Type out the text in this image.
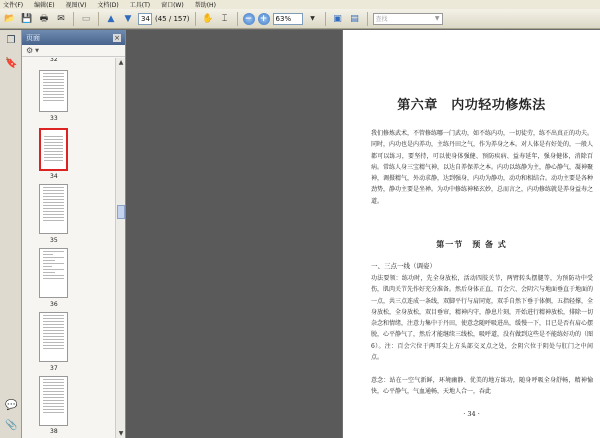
文件(F) 编辑(E) 视图(V) 文档(D) 工具(T) 窗口(W) 帮助(H)
📂 💾 🖶 ✉	▭	▲	▼	34 (45 / 157) ✋ ⌶	− +	63%	▼	▣ ▤	查找	▼
❐
🔖
💬
📎
页面	×
⚙ ▼
32
33
34
35
36
37
38
▲
▼
第六章　内功轻功修炼法
我们修炼武术，不管修练哪一门武功，如不练内功，一切徒劳，练不出真正的功夫。同时，内功也是内养功，主练丹田之气，作为养身之本。对人体是有好处的，一般人都可以练习，要坚持，可以使身体强健、预防疾病、益寿延年，强身健体，消除百病。常练人身三宝精气神，以达自养保养之本。内功以练静为主，静心静气，凝神聚神，调摄精气，外动求静，达到强身，内功为静功，动功和相结合。动功主要是各种劲势，静功主要是坐禅。为功中修练神秘玄妙，总而言之，内功修练就是养身益寿之道。
第一节　预 备 式
一、三点一线（调姿）
功法要领：练功时，先全身放松，活动四肢关节，两臂转头摆腿等，为预防功中受伤，肌肉关节先作好充分准备。然后身体正直，百会穴、会阴穴与地面垂直于地面的一点，共三点连成一条线，双脚平行与肩同宽，双手自然下垂于体侧，五指轻撑，全身放松，全身放松，双目垂帘，精神内守，静息片刻，开始进行精神放松，排除一切杂念和情绪，注意力集中于丹田，使意念随呼吸进出，缓慢一下，目已是否有肩心摆脱，心平静气了，然后才能继续三线松，吸呼道，没有做到这些是不能练好功的（图6）。注：百会穴位于两耳尖上方头部交叉点之处，会阴穴位于阴处与肛门之中间点。
意念：站在一空气新鲜，环境幽静、优美的地方练功，随身呼吸全身舒畅，精神愉快，心平静气，气血通畅，天地人合一，吞此
· 34 ·
